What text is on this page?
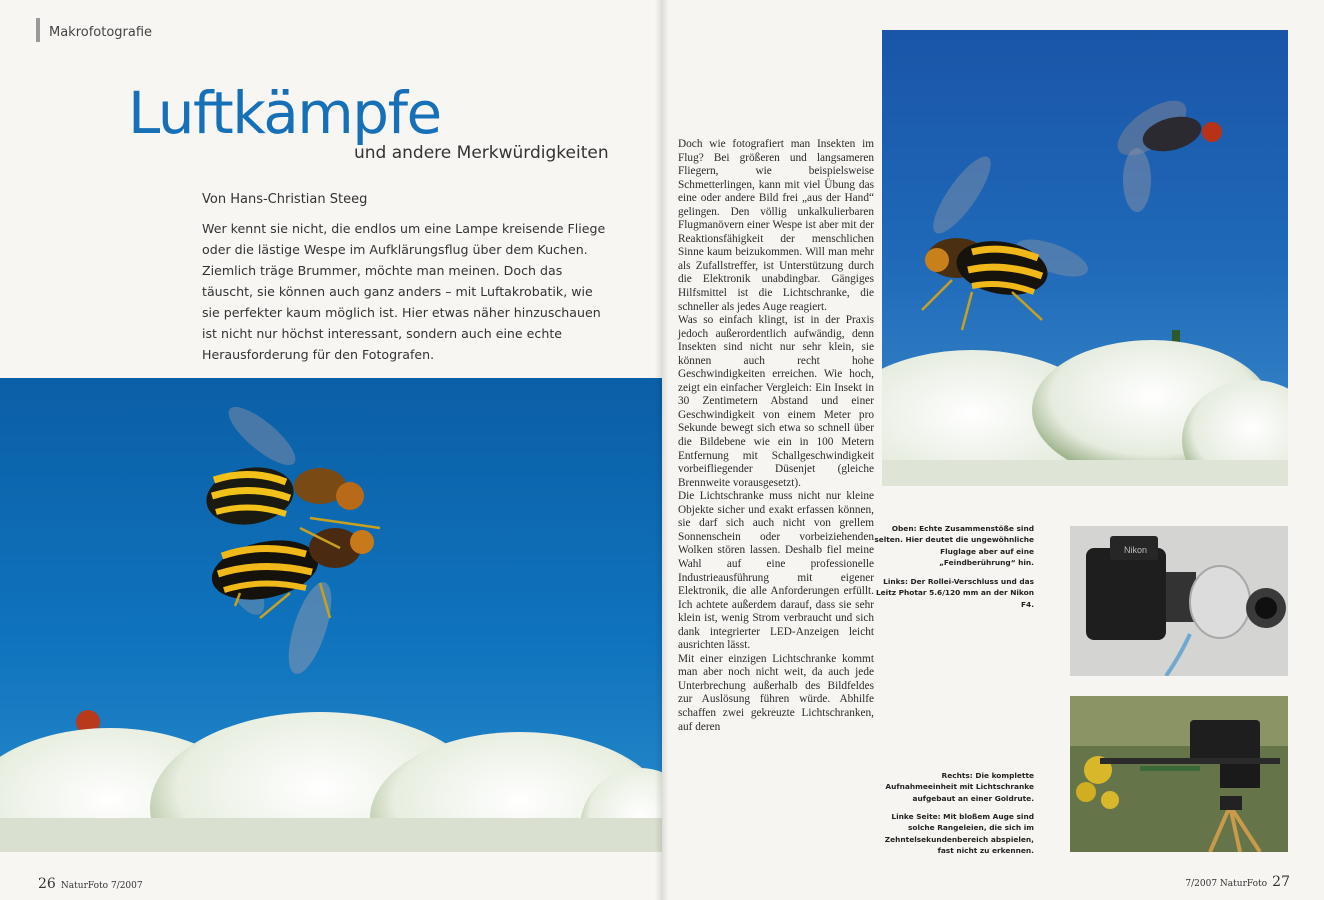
Makrofotografie
Luftkämpfe
und andere Merkwürdigkeiten
Von Hans-Christian Steeg
Wer kennt sie nicht, die endlos um eine Lampe kreisende Fliege oder die lästige Wespe im Aufklärungsflug über dem Kuchen. Ziemlich träge Brummer, möchte man meinen. Doch das täuscht, sie können auch ganz anders – mit Luftakrobatik, wie sie perfekter kaum möglich ist. Hier etwas näher hinzuschauen ist nicht nur höchst interessant, sondern auch eine echte Herausforderung für den Fotografen.
26 NaturFoto 7/2007

Doch wie fotografiert man Insekten im Flug? Bei größeren und langsameren Fliegern, wie beispielsweise Schmetterlingen, kann mit viel Übung das eine oder andere Bild frei „aus der Hand“ gelingen. Den völlig unkalkulierbaren Flugmanövern einer Wespe ist aber mit der Reaktionsfähigkeit der menschlichen Sinne kaum beizukommen. Will man mehr als Zufallstreffer, ist Unterstützung durch die Elektronik unabdingbar. Gängiges Hilfsmittel ist die Lichtschranke, die schneller als jedes Auge reagiert.

Was so einfach klingt, ist in der Praxis jedoch außerordentlich aufwändig, denn Insekten sind nicht nur sehr klein, sie können auch recht hohe Geschwindigkeiten erreichen. Wie hoch, zeigt ein einfacher Vergleich: Ein Insekt in 30 Zentimetern Abstand und einer Geschwindigkeit von einem Meter pro Sekunde bewegt sich etwa so schnell über die Bildebene wie ein in 100 Metern Entfernung mit Schallgeschwindigkeit vorbeifliegender Düsenjet (gleiche Brennweite vorausgesetzt).

Die Lichtschranke muss nicht nur kleine Objekte sicher und exakt erfassen können, sie darf sich auch nicht von grellem Sonnenschein oder vorbeiziehenden Wolken stören lassen. Deshalb fiel meine Wahl auf eine professionelle Industrieausführung mit eigener Elektronik, die alle Anforderungen erfüllt. Ich achtete außerdem darauf, dass sie sehr klein ist, wenig Strom verbraucht und sich dank integrierter LED-Anzeigen leicht ausrichten lässt.

Mit einer einzigen Lichtschranke kommt man aber noch nicht weit, da auch jede Unterbrechung außerhalb des Bildfeldes zur Auslösung führen würde. Abhilfe schaffen zwei gekreuzte Lichtschranken, auf deren

Oben: Echte Zusammenstöße sind selten. Hier deutet die ungewöhnliche Fluglage aber auf eine „Feindberührung“ hin.
Links: Der Rollei-Verschluss und das Leitz Photar 5.6/120 mm an der Nikon F4.
Nikon
Rechts: Die komplette Aufnahmeeinheit mit Lichtschranke aufgebaut an einer Goldrute.
Linke Seite: Mit bloßem Auge sind solche Rangeleien, die sich im Zehntelsekundenbereich abspielen, fast nicht zu erkennen.
7/2007 NaturFoto 27
